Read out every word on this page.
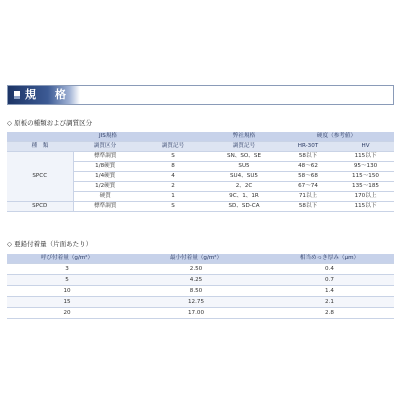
規　格
◇ 原板の種類および調質区分
JIS規格			弊社規格	硬度（参考値）	
種　類	調質区分	調質記号	調質記号	HR-30T	HV
SPCC	標準調質	S	SN、SO、SE	58以下	115以下
	1/8硬質	8	SU5	48〜62	95〜130
	1/4硬質	4	SU4、SU5	58〜68	115〜150
	1/2硬質	2	2、2C	67〜74	135〜185
	硬質	1	9C、1、1R	71以上	170以上
SPCD	標準調質	S	SD、SD-CA	58以下	115以下
◇ 亜鉛付着量（片面あたり）
呼び付着量（g/m²）	最小付着量（g/m²）	相当めっき厚み（μm）
3	2.50	0.4
5	4.25	0.7
10	8.50	1.4
15	12.75	2.1
20	17.00	2.8
